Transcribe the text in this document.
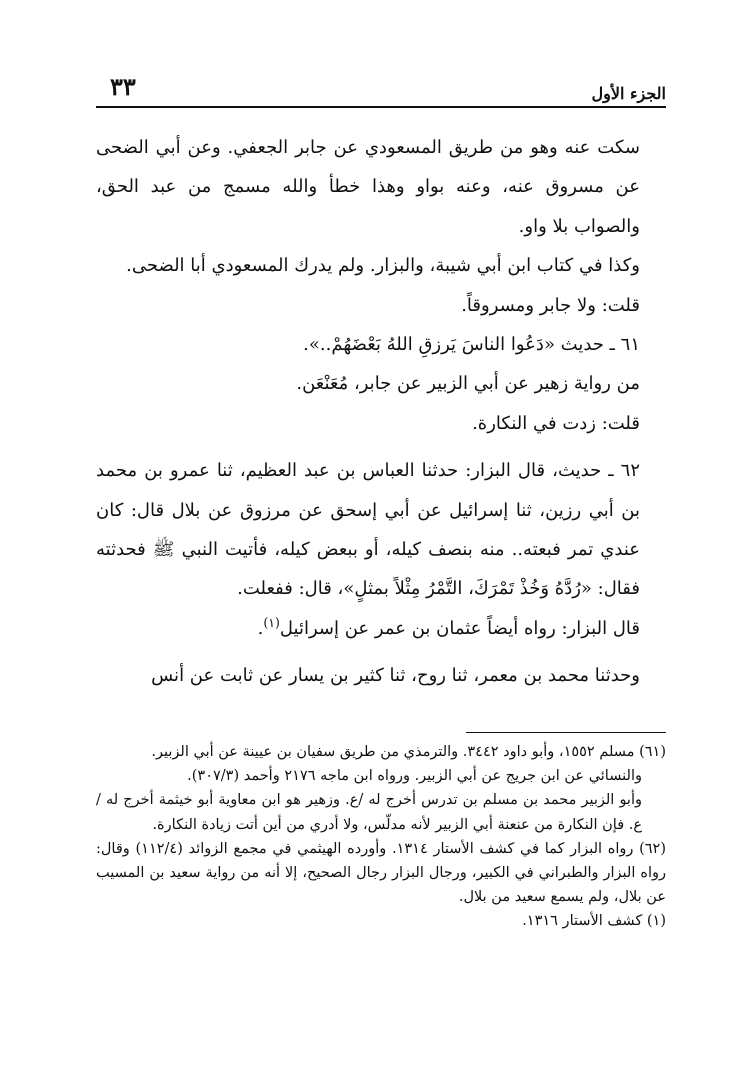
الجزء الأول
٣٣

سكت عنه وهو من طريق المسعودي عن جابر الجعفي. وعن أبي الضحى عن مسروق عنه، وعنه بواو وهذا خطأ والله مسمج من عبد الحق، والصواب بلا واو.

وكذا في كتاب ابن أبي شيبة، والبزار. ولم يدرك المسعودي أبا الضحى.

قلت: ولا جابر ومسروقاً.

٦١ ـ حديث «دَعُوا الناسَ يَرزقِ اللهُ بَعْضَهُمْ..».

من رواية زهير عن أبي الزبير عن جابر، مُعَنْعَن.

قلت: زدت في النكارة.

٦٢ ـ حديث، قال البزار: حدثنا العباس بن عبد العظيم، ثنا عمرو بن محمد بن أبي رزين، ثنا إسرائيل عن أبي إسحق عن مرزوق عن بلال قال: كان عندي تمر فبعته.. منه بنصف كيله، أو ببعض كيله، فأتيت النبي ﷺ فحدثته فقال: «رُدَّهُ وَخُذْ تَمْرَكَ، التَّمْرُ مِثْلاً بمثلٍ»، قال: ففعلت.

قال البزار: رواه أيضاً عثمان بن عمر عن إسرائيل$^{(١)}$.

وحدثنا محمد بن معمر، ثنا روح، ثنا كثير بن يسار عن ثابت عن أنس

(٦١) مسلم ١٥٥٢، وأبو داود ٣٤٤٢. والترمذي من طريق سفيان بن عيينة عن أبي الزبير.

والنسائي عن ابن جريج عن أبي الزبير. ورواه ابن ماجه ٢١٧٦ وأحمد (٣٠٧/٣).

وأبو الزبير محمد بن مسلم بن تدرس أخرج له /ع. وزهير هو ابن معاوية أبو خيثمة أخرج له /ع. فإن النكارة من عنعنة أبي الزبير لأنه مدلّس، ولا أدري من أين أتت زيادة النكارة.

(٦٢) رواه البزار كما في كشف الأستار ١٣١٤. وأورده الهيثمي في مجمع الزوائد (١١٢/٤) وقال: رواه البزار والطبراني في الكبير، ورجال البزار رجال الصحيح، إلا أنه من رواية سعيد بن المسيب عن بلال، ولم يسمع سعيد من بلال.

(١) كشف الأستار ١٣١٦.
